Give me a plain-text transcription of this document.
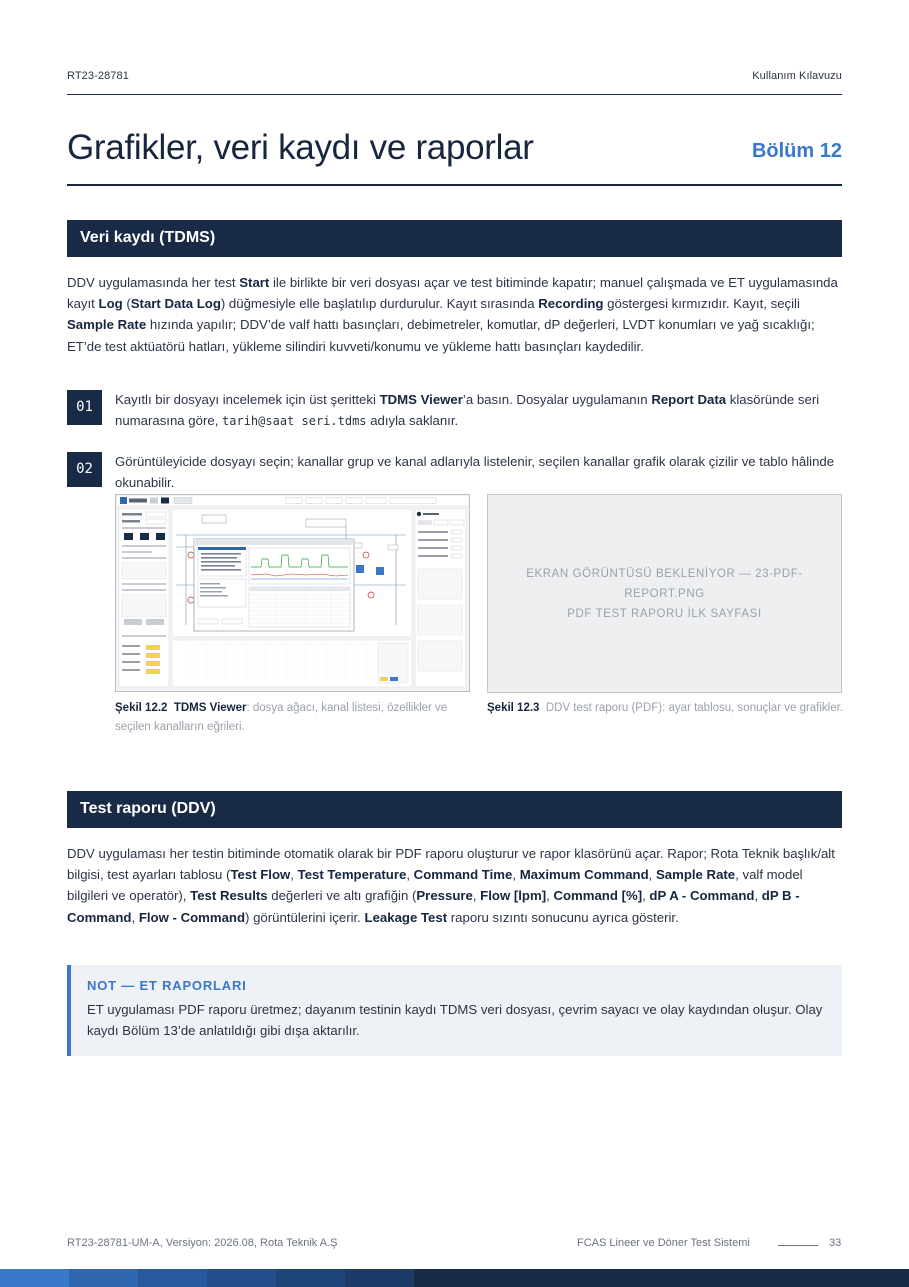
RT23-28781	Kullanım Kılavuzu
Grafikler, veri kaydı ve raporlar	Bölüm 12
Veri kaydı (TDMS)

DDV uygulamasında her test Start ile birlikte bir veri dosyası açar ve test bitiminde kapatır; manuel çalışmada ve ET uygulamasında kayıt Log (Start Data Log) düğmesiyle elle başlatılıp durdurulur. Kayıt sırasında Recording göstergesi kırmızıdır. Kayıt, seçili Sample Rate hızında yapılır; DDV’de valf hattı basınçları, debimetreler, komutlar, dP değerleri, LVDT konumları ve yağ sıcaklığı; ET’de test aktüatörü hatları, yükleme silindiri kuvveti/konumu ve yükleme hattı basınçları kaydedilir.

01	Kayıtlı bir dosyayı incelemek için üst şeritteki TDMS Viewer’a basın. Dosyalar uygulamanın Report Data klasöründe seri numarasına göre, tarih@saat seri.tdms adıyla saklanır.

02	Görüntüleyicide dosyayı seçin; kanallar grup ve kanal adlarıyla listelenir, seçilen kanallar grafik olarak çizilir ve tablo hâlinde okunabilir.

Şekil 12.2 TDMS Viewer: dosya ağacı, kanal listesi, özellikler ve seçilen kanalların eğrileri.

EKRAN GÖRÜNTÜSÜ BEKLENİYOR — 23-PDF-REPORT.PNG
PDF TEST RAPORU İLK SAYFASI

Şekil 12.3 DDV test raporu (PDF): ayar tablosu, sonuçlar ve grafikler.

Test raporu (DDV)

DDV uygulaması her testin bitiminde otomatik olarak bir PDF raporu oluşturur ve rapor klasörünü açar. Rapor; Rota Teknik başlık/alt bilgisi, test ayarları tablosu (Test Flow, Test Temperature, Command Time, Maximum Command, Sample Rate, valf model bilgileri ve operatör), Test Results değerleri ve altı grafiğin (Pressure, Flow [lpm], Command [%], dP A - Command, dP B - Command, Flow - Command) görüntülerini içerir. Leakage Test raporu sızıntı sonucunu ayrıca gösterir.

NOT — ET RAPORLARI
ET uygulaması PDF raporu üretmez; dayanım testinin kaydı TDMS veri dosyası, çevrim sayacı ve olay kaydından oluşur. Olay kaydı Bölüm 13’de anlatıldığı gibi dışa aktarılır.
RT23-28781-UM-A, Versiyon: 2026.08, Rota Teknik A.Ş	FCAS Lineer ve Döner Test Sistemi	33
